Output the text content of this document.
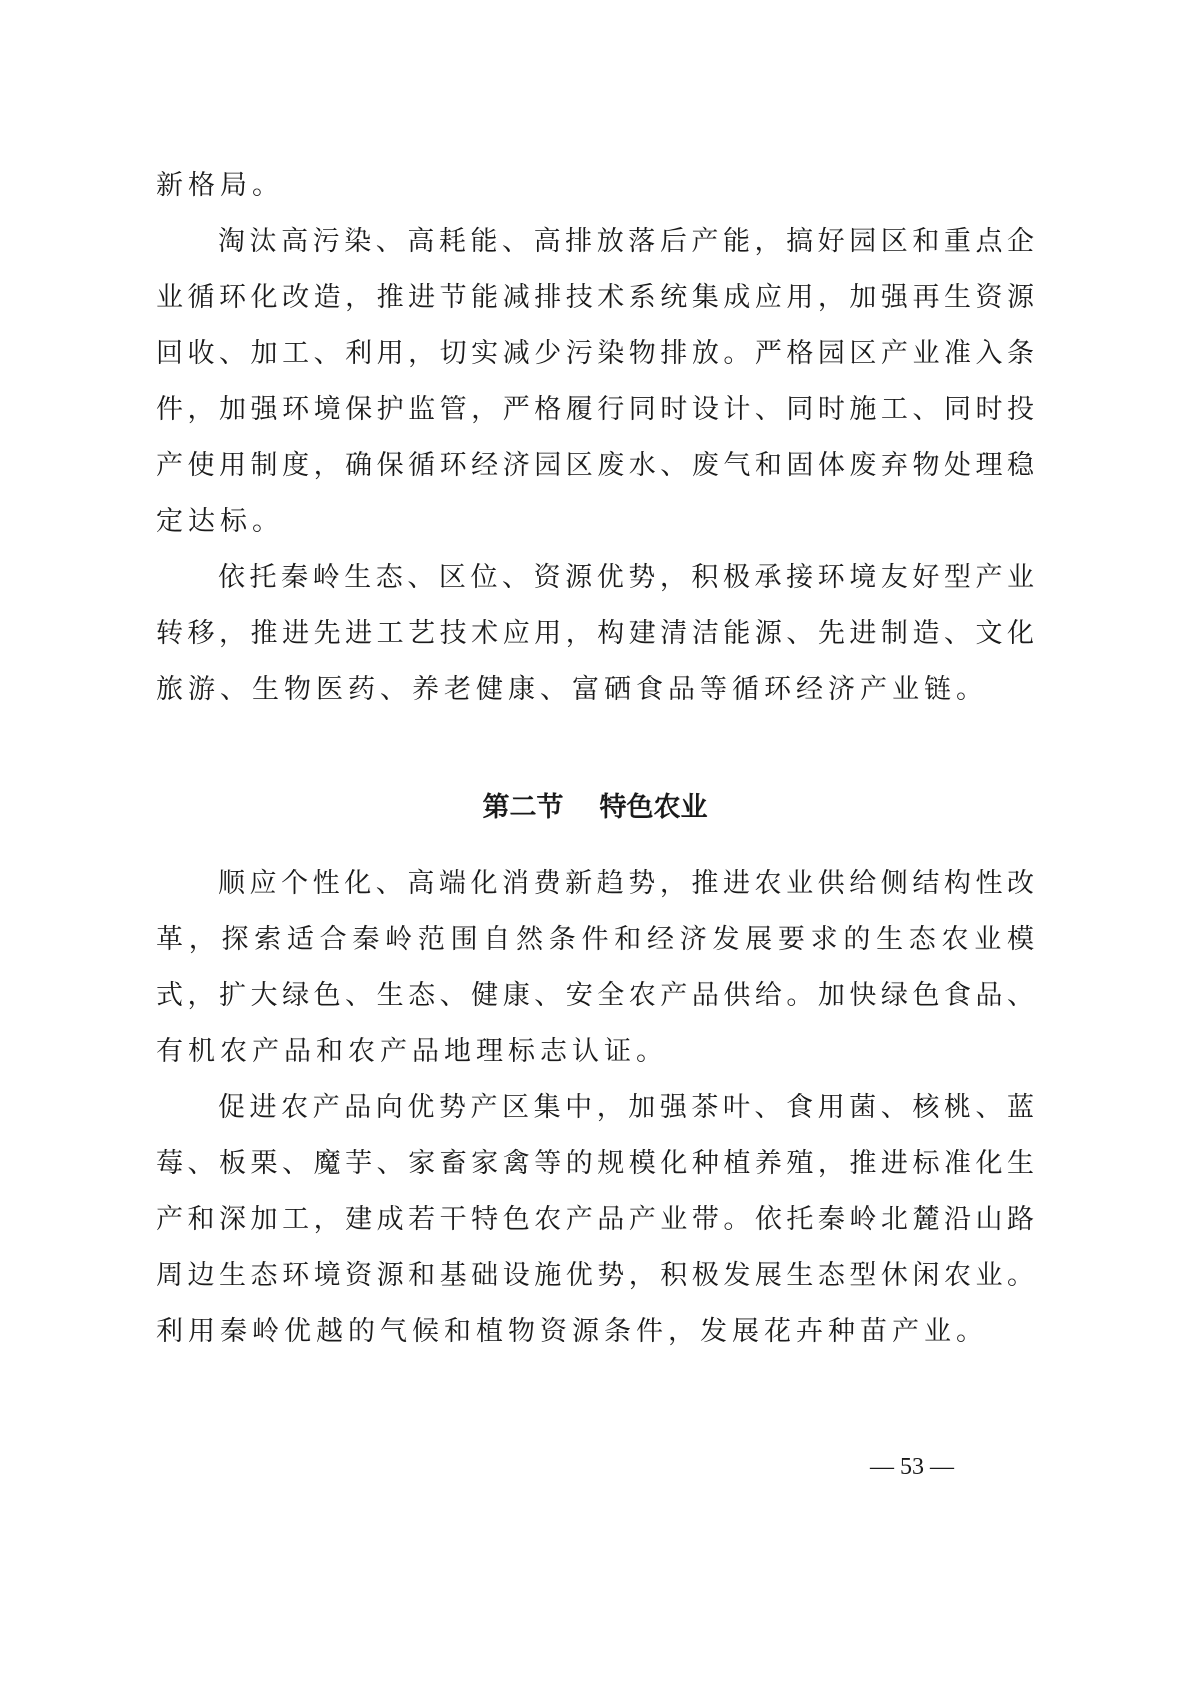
新格局。
淘汰高污染、高耗能、高排放落后产能，搞好园区和重点企
业循环化改造，推进节能减排技术系统集成应用，加强再生资源
回收、加工、利用，切实减少污染物排放。严格园区产业准入条
件，加强环境保护监管，严格履行同时设计、同时施工、同时投
产使用制度，确保循环经济园区废水、废气和固体废弃物处理稳
定达标。
依托秦岭生态、区位、资源优势，积极承接环境友好型产业
转移，推进先进工艺技术应用，构建清洁能源、先进制造、文化
旅游、生物医药、养老健康、富硒食品等循环经济产业链。
第二节 特色农业
顺应个性化、高端化消费新趋势，推进农业供给侧结构性改
革，探索适合秦岭范围自然条件和经济发展要求的生态农业模
式，扩大绿色、生态、健康、安全农产品供给。加快绿色食品、
有机农产品和农产品地理标志认证。
促进农产品向优势产区集中，加强茶叶、食用菌、核桃、蓝
莓、板栗、魔芋、家畜家禽等的规模化种植养殖，推进标准化生
产和深加工，建成若干特色农产品产业带。依托秦岭北麓沿山路
周边生态环境资源和基础设施优势，积极发展生态型休闲农业。
利用秦岭优越的气候和植物资源条件，发展花卉种苗产业。
— 53 —
